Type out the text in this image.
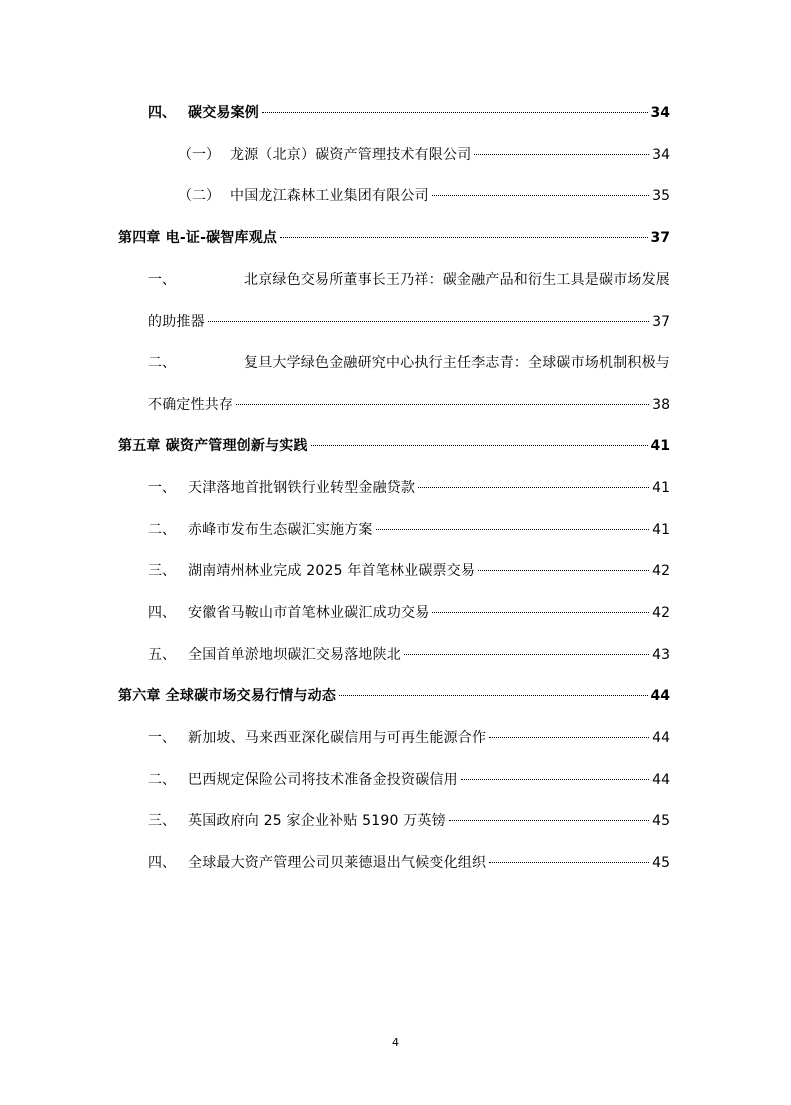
四、 碳交易案例	34
（一） 龙源（北京）碳资产管理技术有限公司	34
（二） 中国龙江森林工业集团有限公司	35
第四章 电-证-碳智库观点	37
一、	北京绿色交易所董事长王乃祥：碳金融产品和衍生工具是碳市场发展
的助推器	37
二、	复旦大学绿色金融研究中心执行主任李志青：全球碳市场机制积极与
不确定性共存	38
第五章 碳资产管理创新与实践	41
一、 天津落地首批钢铁行业转型金融贷款	41
二、 赤峰市发布生态碳汇实施方案	41
三、 湖南靖州林业完成 2025 年首笔林业碳票交易	42
四、 安徽省马鞍山市首笔林业碳汇成功交易	42
五、 全国首单淤地坝碳汇交易落地陕北	43
第六章 全球碳市场交易行情与动态	44
一、 新加坡、马来西亚深化碳信用与可再生能源合作	44
二、 巴西规定保险公司将技术准备金投资碳信用	44
三、 英国政府向 25 家企业补贴 5190 万英镑	45
四、 全球最大资产管理公司贝莱德退出气候变化组织	45
4
